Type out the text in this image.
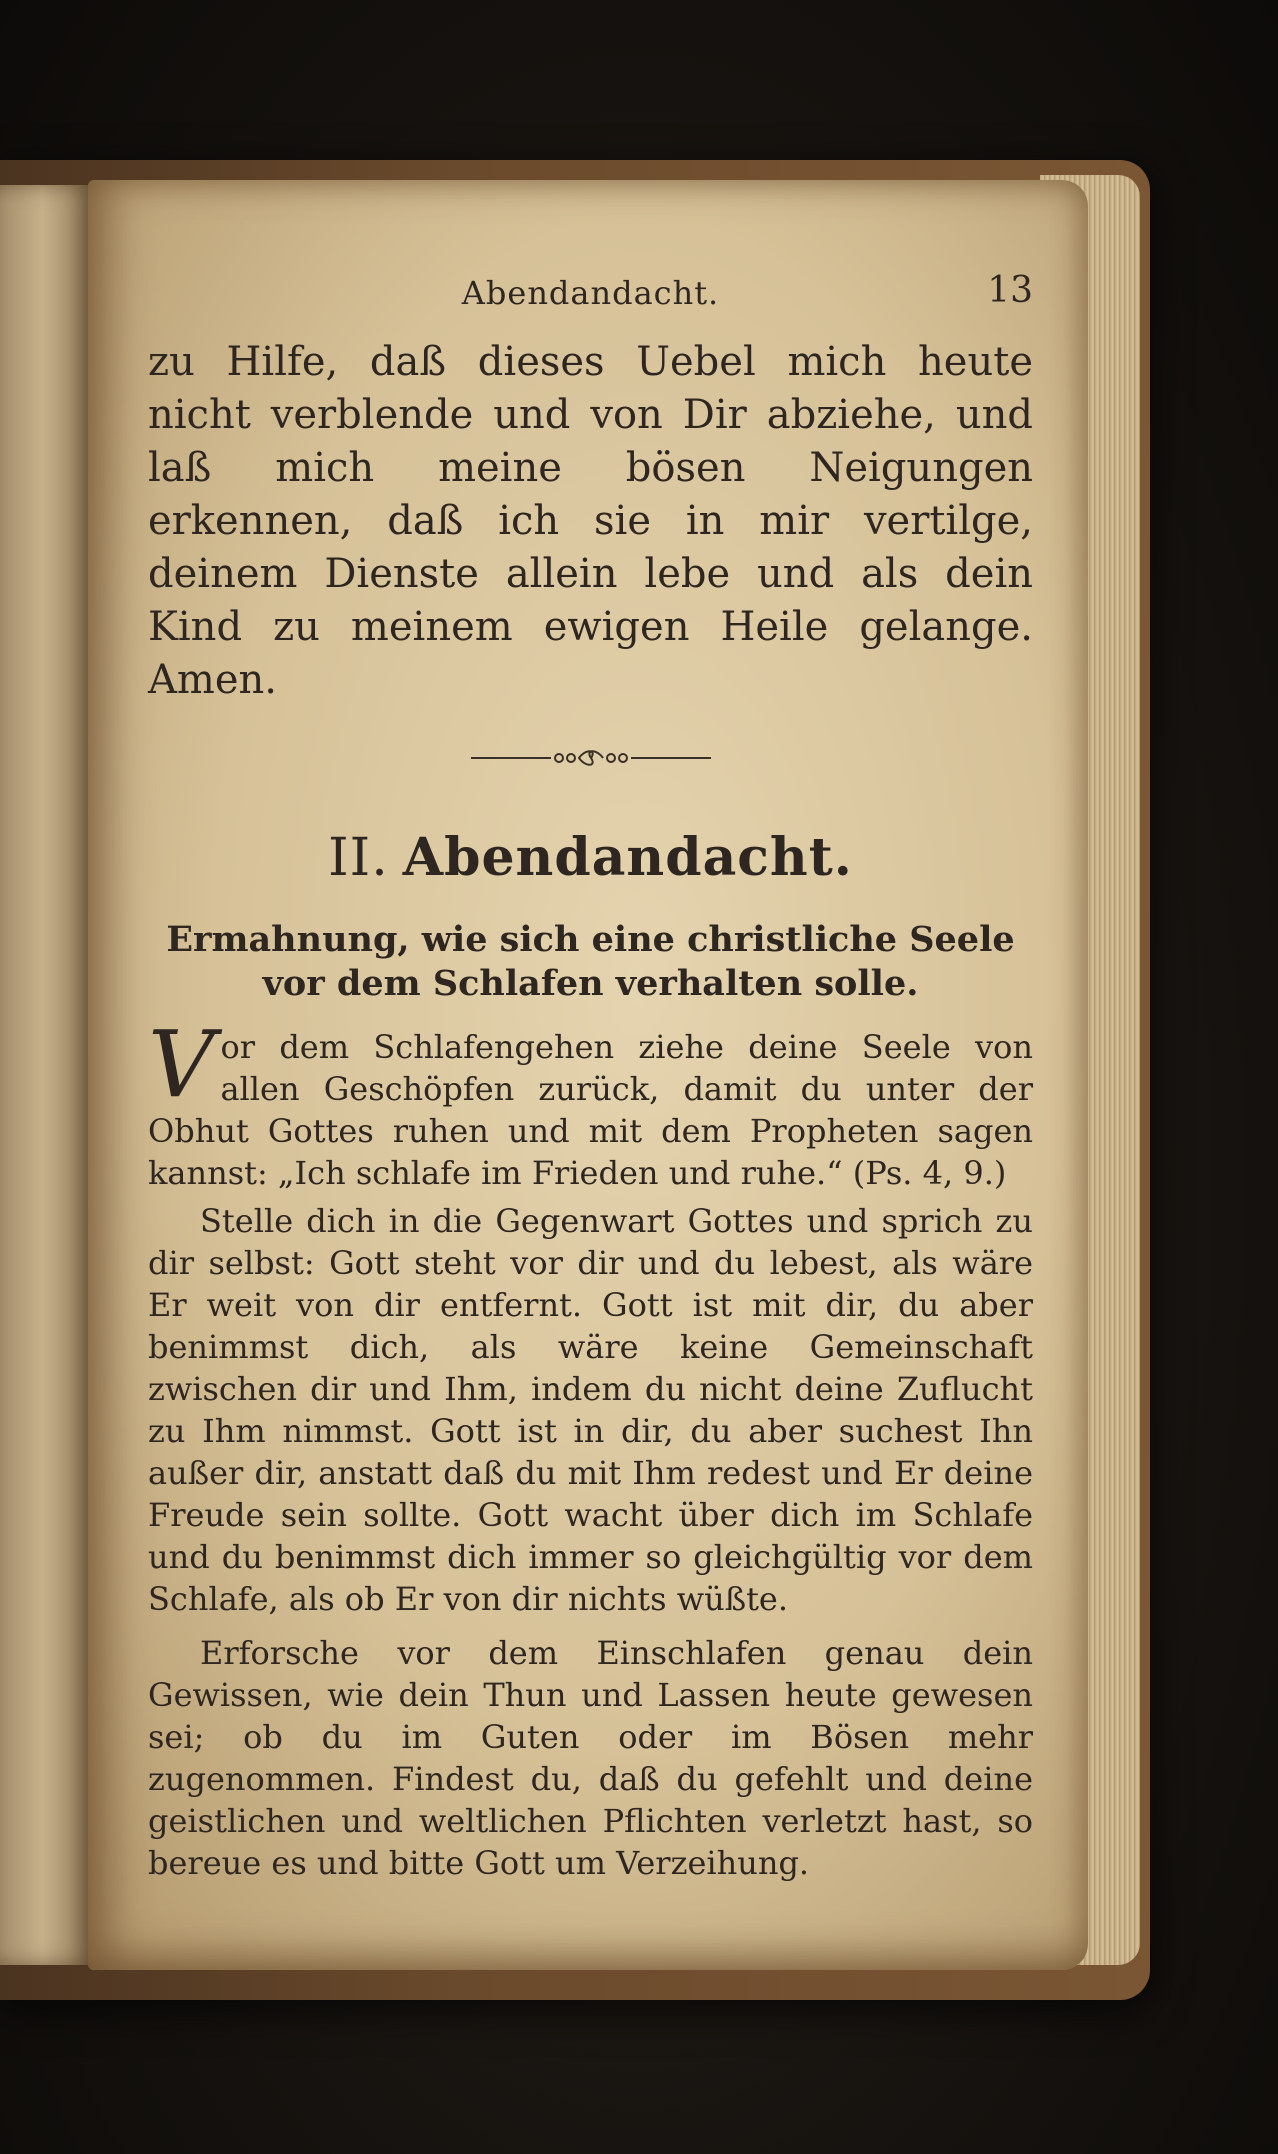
Abendandacht.	13

zu Hilfe, daß dieses Uebel mich heute nicht verblende und von Dir abziehe, und laß mich meine bösen Neigungen erkennen, daß ich sie in mir vertilge, deinem Dienste allein lebe und als dein Kind zu meinem ewigen Heile gelange. Amen.

II. Abendandacht.

Ermahnung, wie sich eine christliche Seele vor dem Schlafen verhalten solle.

Vor dem Schlafengehen ziehe deine Seele von allen Geschöpfen zurück, damit du unter der Obhut Gottes ruhen und mit dem Propheten sagen kannst: „Ich schlafe im Frieden und ruhe.“ (Ps. 4, 9.)

Stelle dich in die Gegenwart Gottes und sprich zu dir selbst: Gott steht vor dir und du lebest, als wäre Er weit von dir entfernt. Gott ist mit dir, du aber benimmst dich, als wäre keine Gemeinschaft zwischen dir und Ihm, indem du nicht deine Zuflucht zu Ihm nimmst. Gott ist in dir, du aber suchest Ihn außer dir, anstatt daß du mit Ihm redest und Er deine Freude sein sollte. Gott wacht über dich im Schlafe und du benimmst dich immer so gleichgültig vor dem Schlafe, als ob Er von dir nichts wüßte.

Erforsche vor dem Einschlafen genau dein Gewissen, wie dein Thun und Lassen heute gewesen sei; ob du im Guten oder im Bösen mehr zugenommen. Findest du, daß du gefehlt und deine geistlichen und weltlichen Pflichten verletzt hast, so bereue es und bitte Gott um Verzeihung.
